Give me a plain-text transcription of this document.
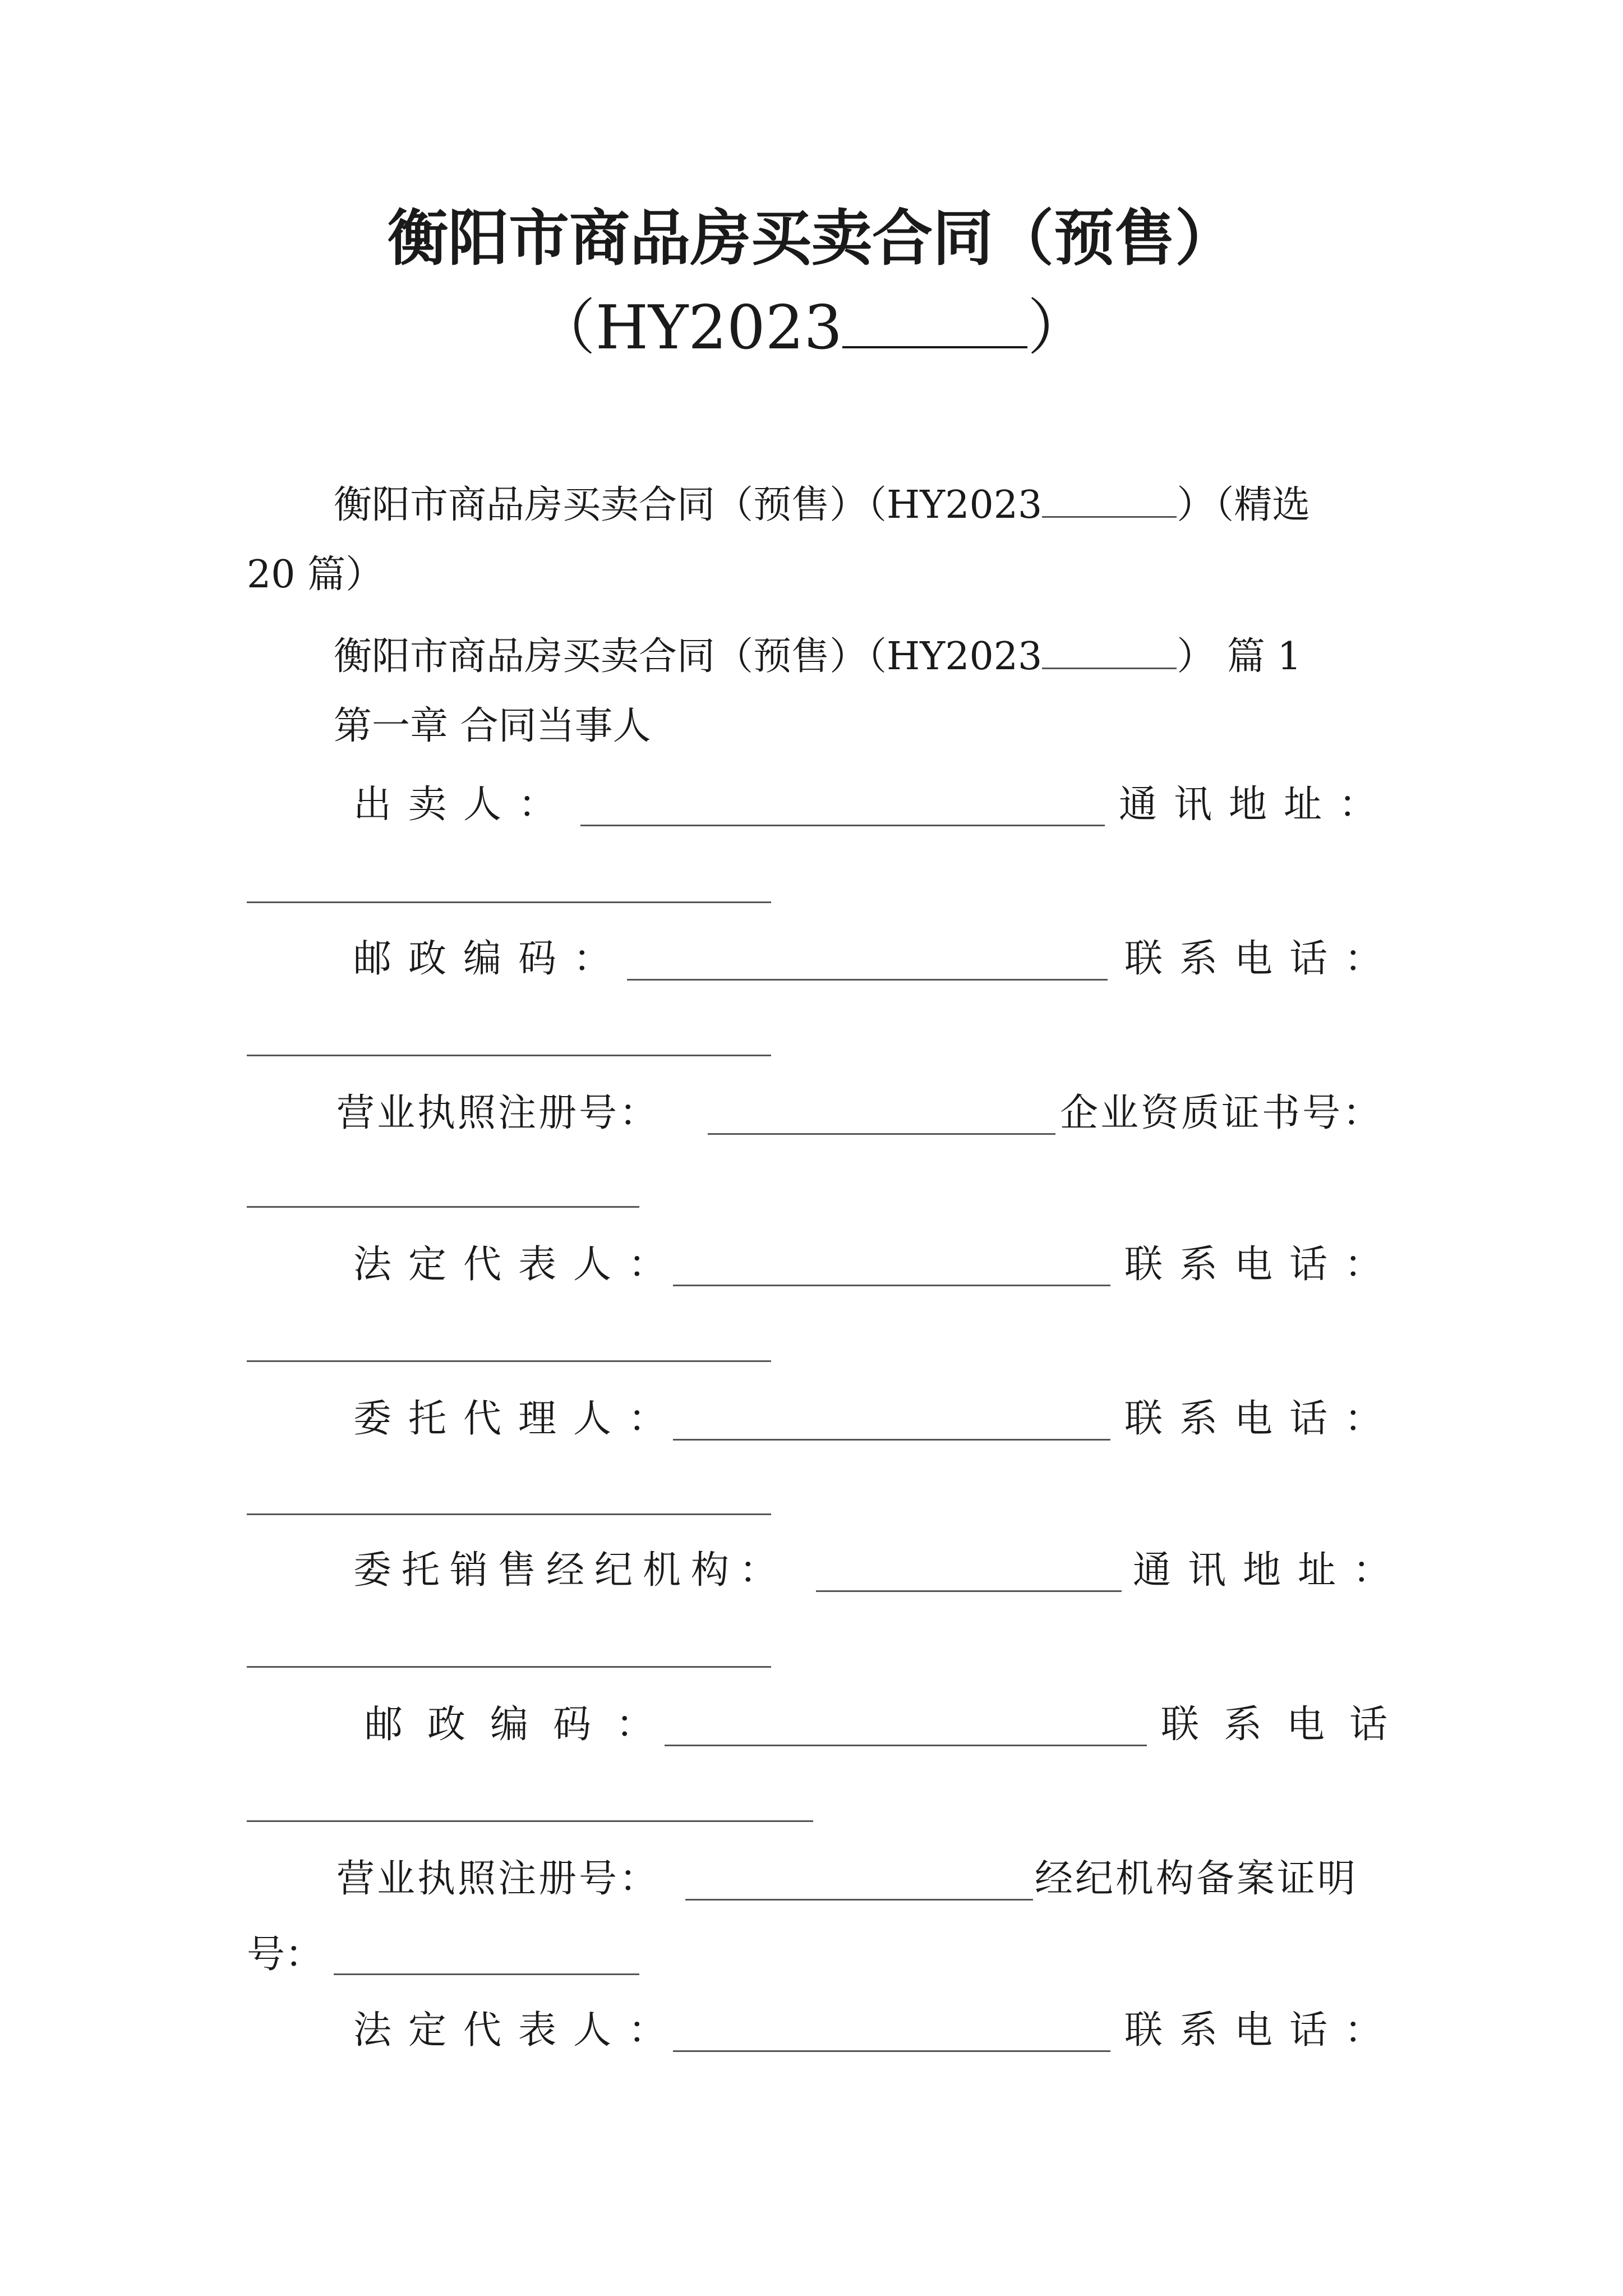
衡阳市商品房买卖合同（预售）
（HY2023	）
衡阳市商品房买卖合同（预售）（HY2023	）（精选
20 篇）
衡阳市商品房买卖合同（预售）（HY2023	） 篇 1
第一章 合同当事人
出卖人：	通讯地址：
邮政编码：	联系电话：
营业执照注册号：	企业资质证书号：
法定代表人：	联系电话：
委托代理人：	联系电话：
委托销售经纪机构：	通讯地址：
邮政编码：	联系电话
营业执照注册号：	经纪机构备案证明
号：
法定代表人：	联系电话：
